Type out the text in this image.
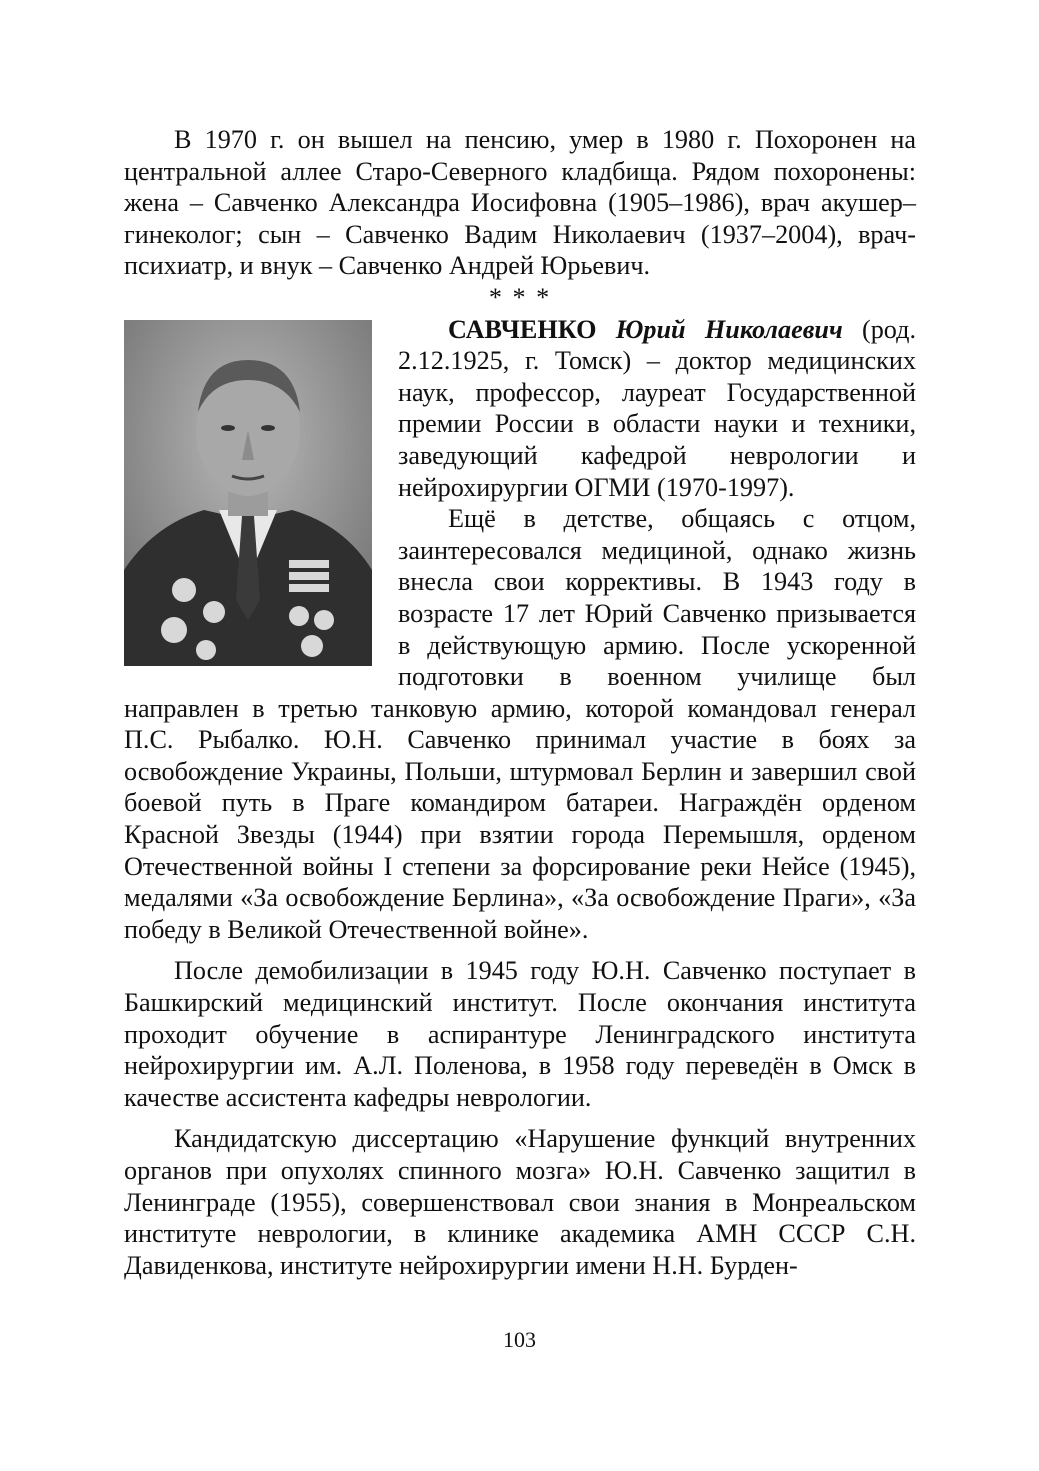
В 1970 г. он вышел на пенсию, умер в 1980 г. Похоронен на центральной аллее Старо-Северного кладбища. Рядом похоронены: жена – Савченко Александра Иосифовна (1905–1986), врач акушер–гинеколог; сын – Савченко Вадим Николаевич (1937–2004), врач-психиатр, и внук – Савченко Андрей Юрьевич.

* * *

САВЧЕНКО Юрий Николаевич (род. 2.12.1925, г. Томск) – доктор медицинских наук, профессор, лауреат Государственной премии России в области науки и техники, заведующий кафедрой неврологии и нейрохирургии ОГМИ (1970-1997).

Ещё в детстве, общаясь с отцом, заинтересовался медициной, однако жизнь внесла свои коррективы. В 1943 году в возрасте 17 лет Юрий Савченко призывается в действующую армию. После ускоренной подготовки в военном училище был направлен в третью танковую армию, которой командовал генерал П.С. Рыбалко. Ю.Н. Савченко принимал участие в боях за освобождение Украины, Польши, штурмовал Берлин и завершил свой боевой путь в Праге командиром батареи. Награждён орденом Красной Звезды (1944) при взятии города Перемышля, орденом Отечественной войны I степени за форсирование реки Нейсе (1945), медалями «За освобождение Берлина», «За освобождение Праги», «За победу в Великой Отечественной войне».

После демобилизации в 1945 году Ю.Н. Савченко поступает в Башкирский медицинский институт. После окончания института проходит обучение в аспирантуре Ленинградского института нейрохирургии им. А.Л. Поленова, в 1958 году переведён в Омск в качестве ассистента кафедры неврологии.

Кандидатскую диссертацию «Нарушение функций внутренних органов при опухолях спинного мозга» Ю.Н. Савченко защитил в Ленинграде (1955), совершенствовал свои знания в Монреальском институте неврологии, в клинике академика АМН СССР С.Н. Давиденкова, институте нейрохирургии имени Н.Н. Бурден-

103
